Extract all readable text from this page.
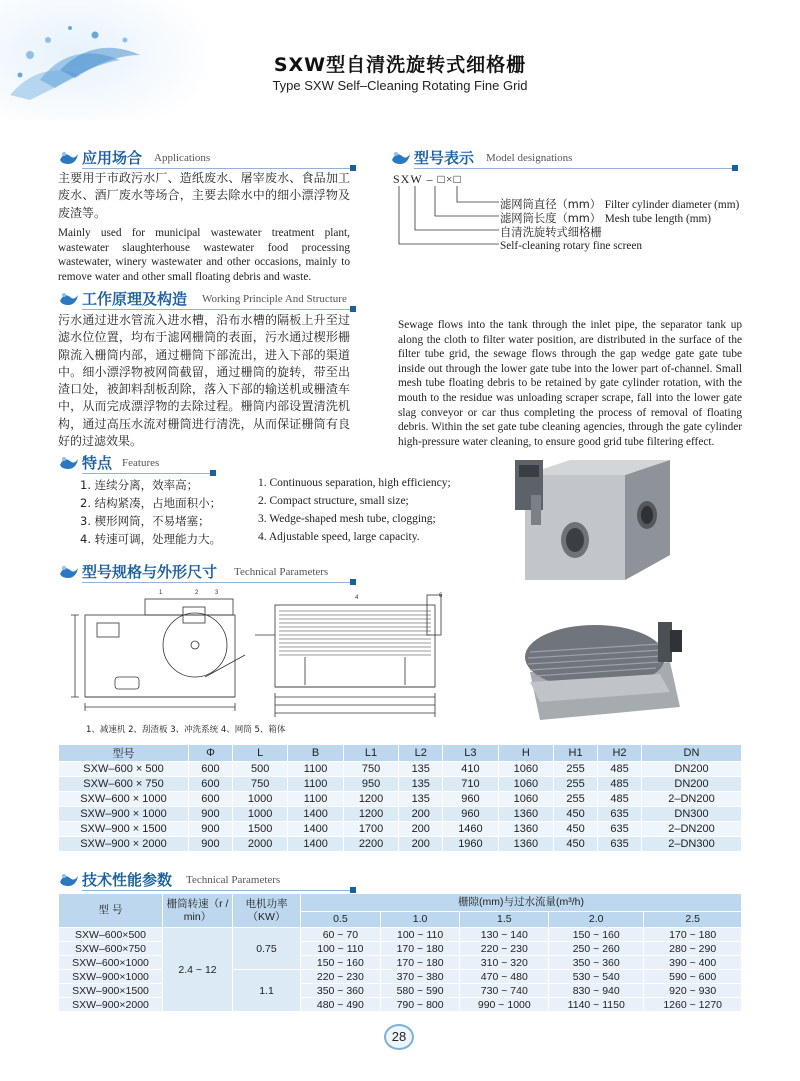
SXW型自清洗旋转式细格栅
Type SXW Self–Cleaning Rotating Fine Grid
应用场合 Applications
主要用于市政污水厂、造纸废水、屠宰废水、食品加工废水、酒厂废水等场合，主要去除水中的细小漂浮物及废渣等。
Mainly used for municipal wastewater treatment plant, wastewater slaughterhouse wastewater food processing wastewater, winery wastewater and other occasions, mainly to remove water and other small floating debris and waste.
型号表示 Model designations
SXW – □×□
滤网筒直径（mm） Filter cylinder diameter (mm)
滤网筒长度（mm） Mesh tube length (mm)
自清洗旋转式细格栅
Self-cleaning rotary fine screen
工作原理及构造 Working Principle And Structure
污水通过进水管流入进水槽，沿布水槽的隔板上升至过滤水位位置，均布于滤网栅筒的表面，污水通过楔形栅隙流入栅筒内部，通过栅筒下部流出，进入下部的渠道中。细小漂浮物被网筒截留，通过栅筒的旋转，带至出渣口处，被卸料刮板刮除，落入下部的输送机或栅渣车中，从而完成漂浮物的去除过程。栅筒内部设置清洗机构，通过高压水流对栅筒进行清洗，从而保证栅筒有良好的过滤效果。
Sewage flows into the tank through the inlet pipe, the separator tank up along the cloth to filter water position, are distributed in the surface of the filter tube grid, the sewage flows through the gap wedge gate gate tube inside out through the lower gate tube into the lower part of-channel. Small mesh tube floating debris to be retained by gate cylinder rotation, with the mouth to the residue was unloading scraper scrape, fall into the lower gate slag conveyor or car thus completing the process of removal of floating debris. Within the set gate tube cleaning agencies, through the gate cylinder high-pressure water cleaning, to ensure good grid tube filtering effect.
特点 Features
1. 连续分离，效率高；
2. 结构紧凑，占地面积小；
3. 楔形网筒，不易堵塞；
4. 转速可调，处理能力大。
1. Continuous separation, high efficiency;
2. Compact structure, small size;
3. Wedge-shaped mesh tube, clogging;
4. Adjustable speed, large capacity.
型号规格与外形尺寸 Technical Parameters
1	2	3
4	6
1、减速机 2、刮渣板 3、冲洗系统 4、网筒 5、箱体
型号	Φ	L	B	L1	L2	L3	H	H1	H2	DN
SXW–600 × 500	600	500	1100	750	135	410	1060	255	485	DN200
SXW–600 × 750	600	750	1100	950	135	710	1060	255	485	DN200
SXW–600 × 1000	600	1000	1100	1200	135	960	1060	255	485	2–DN200
SXW–900 × 1000	900	1000	1400	1200	200	960	1360	450	635	DN300
SXW–900 × 1500	900	1500	1400	1700	200	1460	1360	450	635	2–DN200
SXW–900 × 2000	900	2000	1400	2200	200	1960	1360	450	635	2–DN300
技术性能参数 Technical Parameters
型 号	栅筒转速（r / min）	电机功率（KW）	栅隙(mm)与过水流量(m³/h)				
			0.5	1.0	1.5	2.0	2.5
SXW–600×500	2.4 ~ 12	0.75	60 ~ 70	100 ~ 110	130 ~ 140	150 ~ 160	170 ~ 180
SXW–600×750			100 ~ 110	170 ~ 180	220 ~ 230	250 ~ 260	280 ~ 290
SXW–600×1000			150 ~ 160	170 ~ 180	310 ~ 320	350 ~ 360	390 ~ 400
SXW–900×1000		1.1	220 ~ 230	370 ~ 380	470 ~ 480	530 ~ 540	590 ~ 600
SXW–900×1500			350 ~ 360	580 ~ 590	730 ~ 740	830 ~ 940	920 ~ 930
SXW–900×2000			480 ~ 490	790 ~ 800	990 ~ 1000	1140 ~ 1150	1260 ~ 1270
28
